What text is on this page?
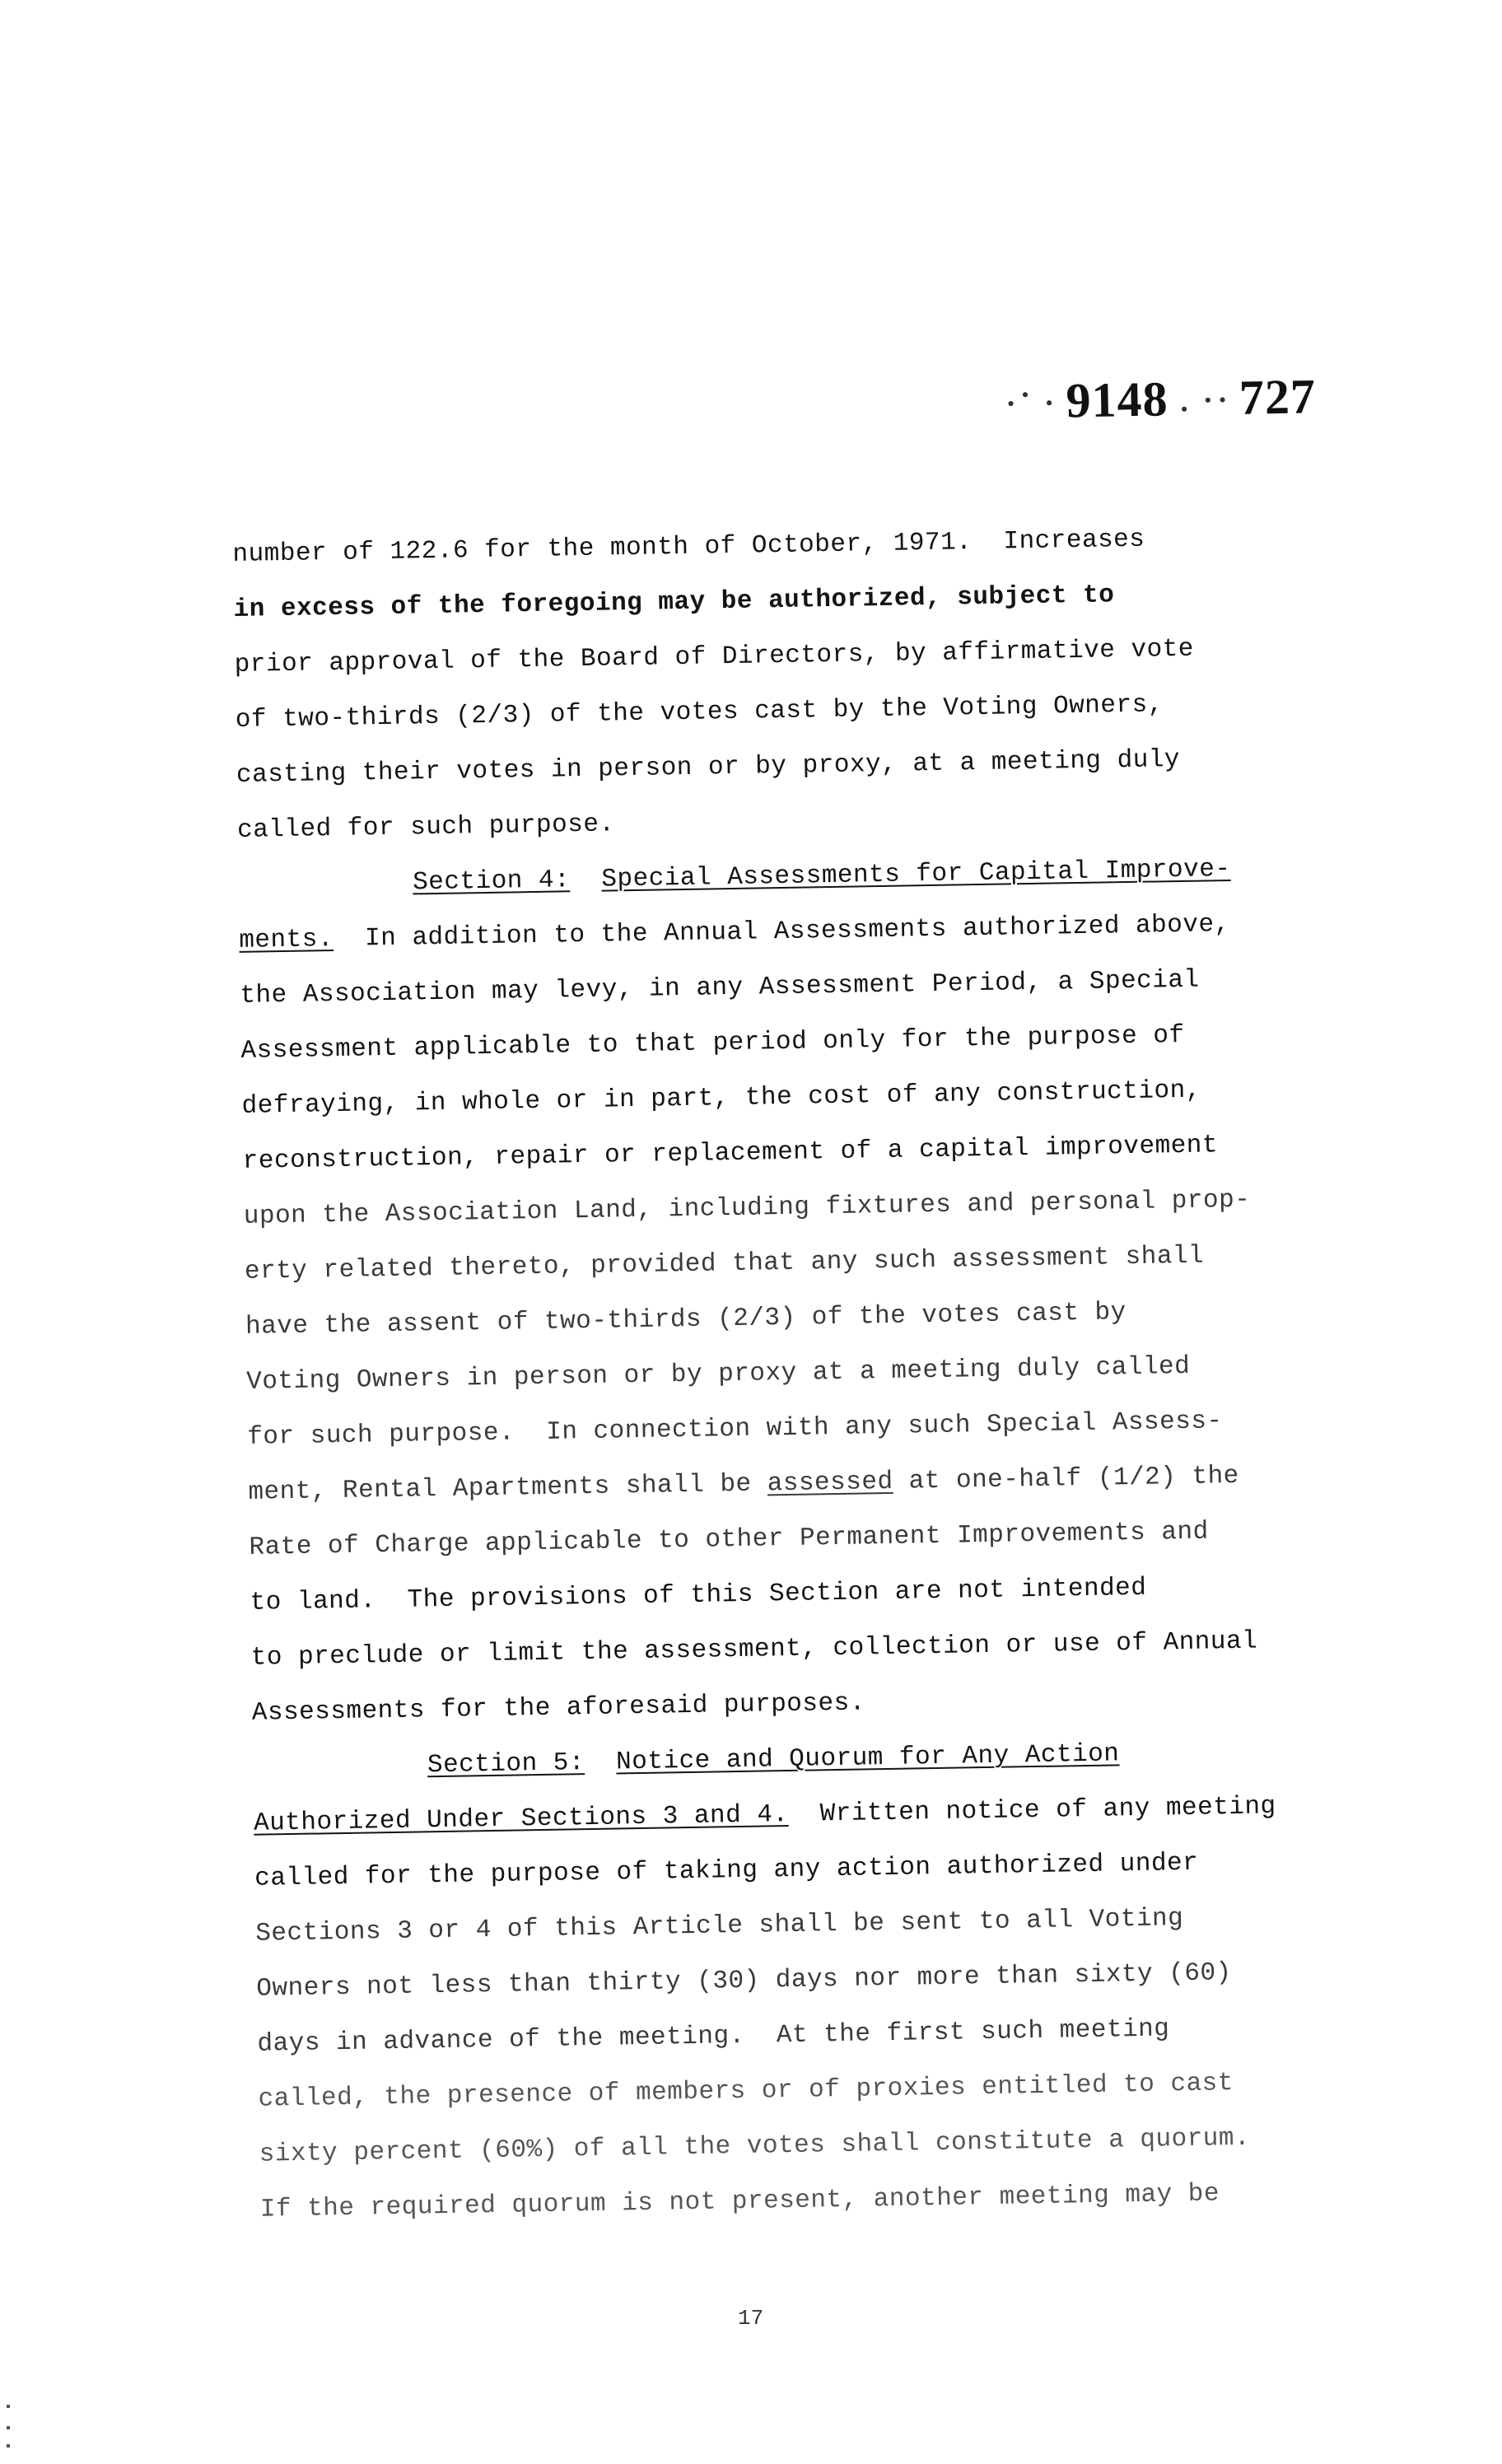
⠐⠁⠂9148⠠⠐⠂727
number of 122.6 for the month of October, 1971.  Increases
in excess of the foregoing may be authorized, subject to
prior approval of the Board of Directors, by affirmative vote
of two-thirds (2/3) of the votes cast by the Voting Owners,
casting their votes in person or by proxy, at a meeting duly
called for such purpose.
Section 4: Special Assessments for Capital Improve-
ments.  In addition to the Annual Assessments authorized above,
the Association may levy, in any Assessment Period, a Special
Assessment applicable to that period only for the purpose of
defraying, in whole or in part, the cost of any construction,
reconstruction, repair or replacement of a capital improvement
upon the Association Land, including fixtures and personal prop-
erty related thereto, provided that any such assessment shall
have the assent of two-thirds (2/3) of the votes cast by
Voting Owners in person or by proxy at a meeting duly called
for such purpose.  In connection with any such Special Assess-
ment, Rental Apartments shall be assessed at one-half (1/2) the
Rate of Charge applicable to other Permanent Improvements and
to land.  The provisions of this Section are not intended
to preclude or limit the assessment, collection or use of Annual
Assessments for the aforesaid purposes.
Section 5: Notice and Quorum for Any Action
Authorized Under Sections 3 and 4.  Written notice of any meeting
called for the purpose of taking any action authorized under
Sections 3 or 4 of this Article shall be sent to all Voting
Owners not less than thirty (30) days nor more than sixty (60)
days in advance of the meeting.  At the first such meeting
called, the presence of members or of proxies entitled to cast
sixty percent (60%) of all the votes shall constitute a quorum.
If the required quorum is not present, another meeting may be
17
